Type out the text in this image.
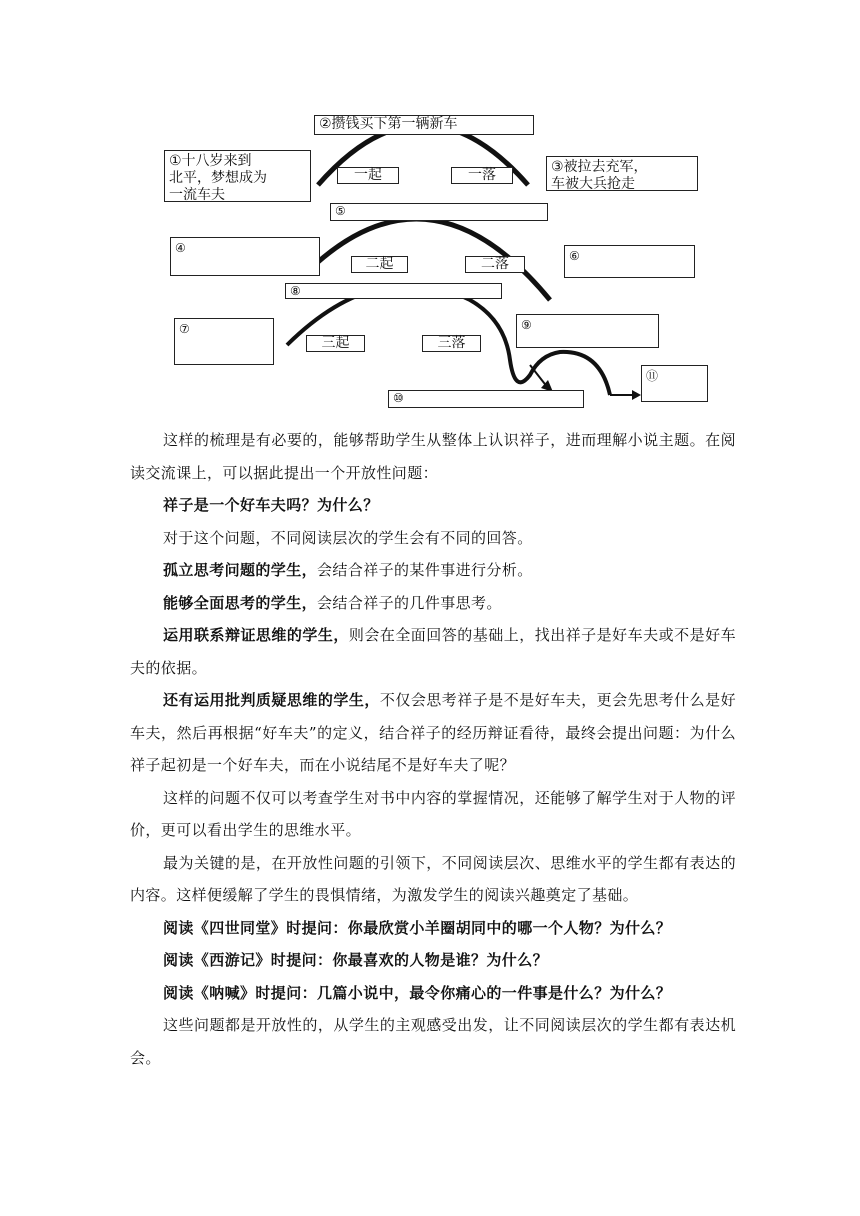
②攒钱买下第一辆新车
①十八岁来到
北平，梦想成为
一流车夫
③被拉去充军，
车被大兵抢走
一起	一落
⑤
④
⑥
二起	二落
⑧
⑦	⑨
三起	三落
⑪
⑩

这样的梳理是有必要的，能够帮助学生从整体上认识祥子，进而理解小说主题。在阅读交流课上，可以据此提出一个开放性问题：

祥子是一个好车夫吗？为什么？

对于这个问题，不同阅读层次的学生会有不同的回答。

孤立思考问题的学生，会结合祥子的某件事进行分析。

能够全面思考的学生，会结合祥子的几件事思考。

运用联系辩证思维的学生，则会在全面回答的基础上，找出祥子是好车夫或不是好车夫的依据。

还有运用批判质疑思维的学生，不仅会思考祥子是不是好车夫，更会先思考什么是好车夫，然后再根据“好车夫”的定义，结合祥子的经历辩证看待，最终会提出问题：为什么祥子起初是一个好车夫，而在小说结尾不是好车夫了呢？

这样的问题不仅可以考查学生对书中内容的掌握情况，还能够了解学生对于人物的评价，更可以看出学生的思维水平。

最为关键的是，在开放性问题的引领下，不同阅读层次、思维水平的学生都有表达的内容。这样便缓解了学生的畏惧情绪，为激发学生的阅读兴趣奠定了基础。

阅读《四世同堂》时提问：你最欣赏小羊圈胡同中的哪一个人物？为什么？

阅读《西游记》时提问：你最喜欢的人物是谁？为什么？

阅读《呐喊》时提问：几篇小说中，最令你痛心的一件事是什么？为什么？

这些问题都是开放性的，从学生的主观感受出发，让不同阅读层次的学生都有表达机会。
